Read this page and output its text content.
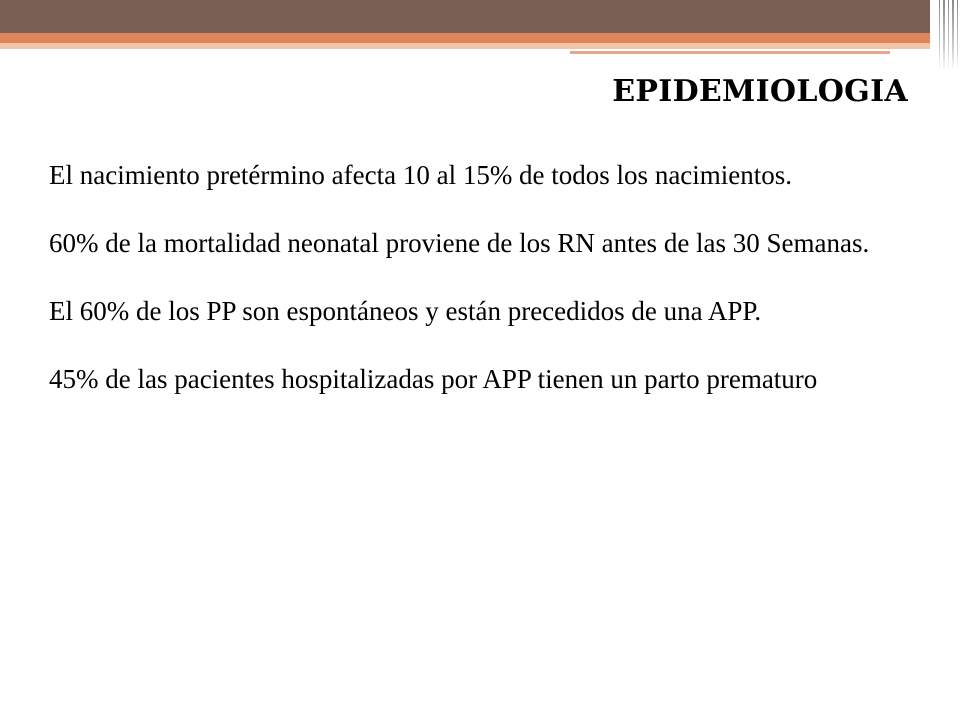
EPIDEMIOLOGIA

El nacimiento pretérmino afecta 10 al 15% de todos los nacimientos.

60% de la mortalidad neonatal proviene de los RN antes de las 30 Semanas.

El 60% de los PP son espontáneos y están precedidos de una APP.

45% de las pacientes hospitalizadas por APP tienen un parto prematuro
